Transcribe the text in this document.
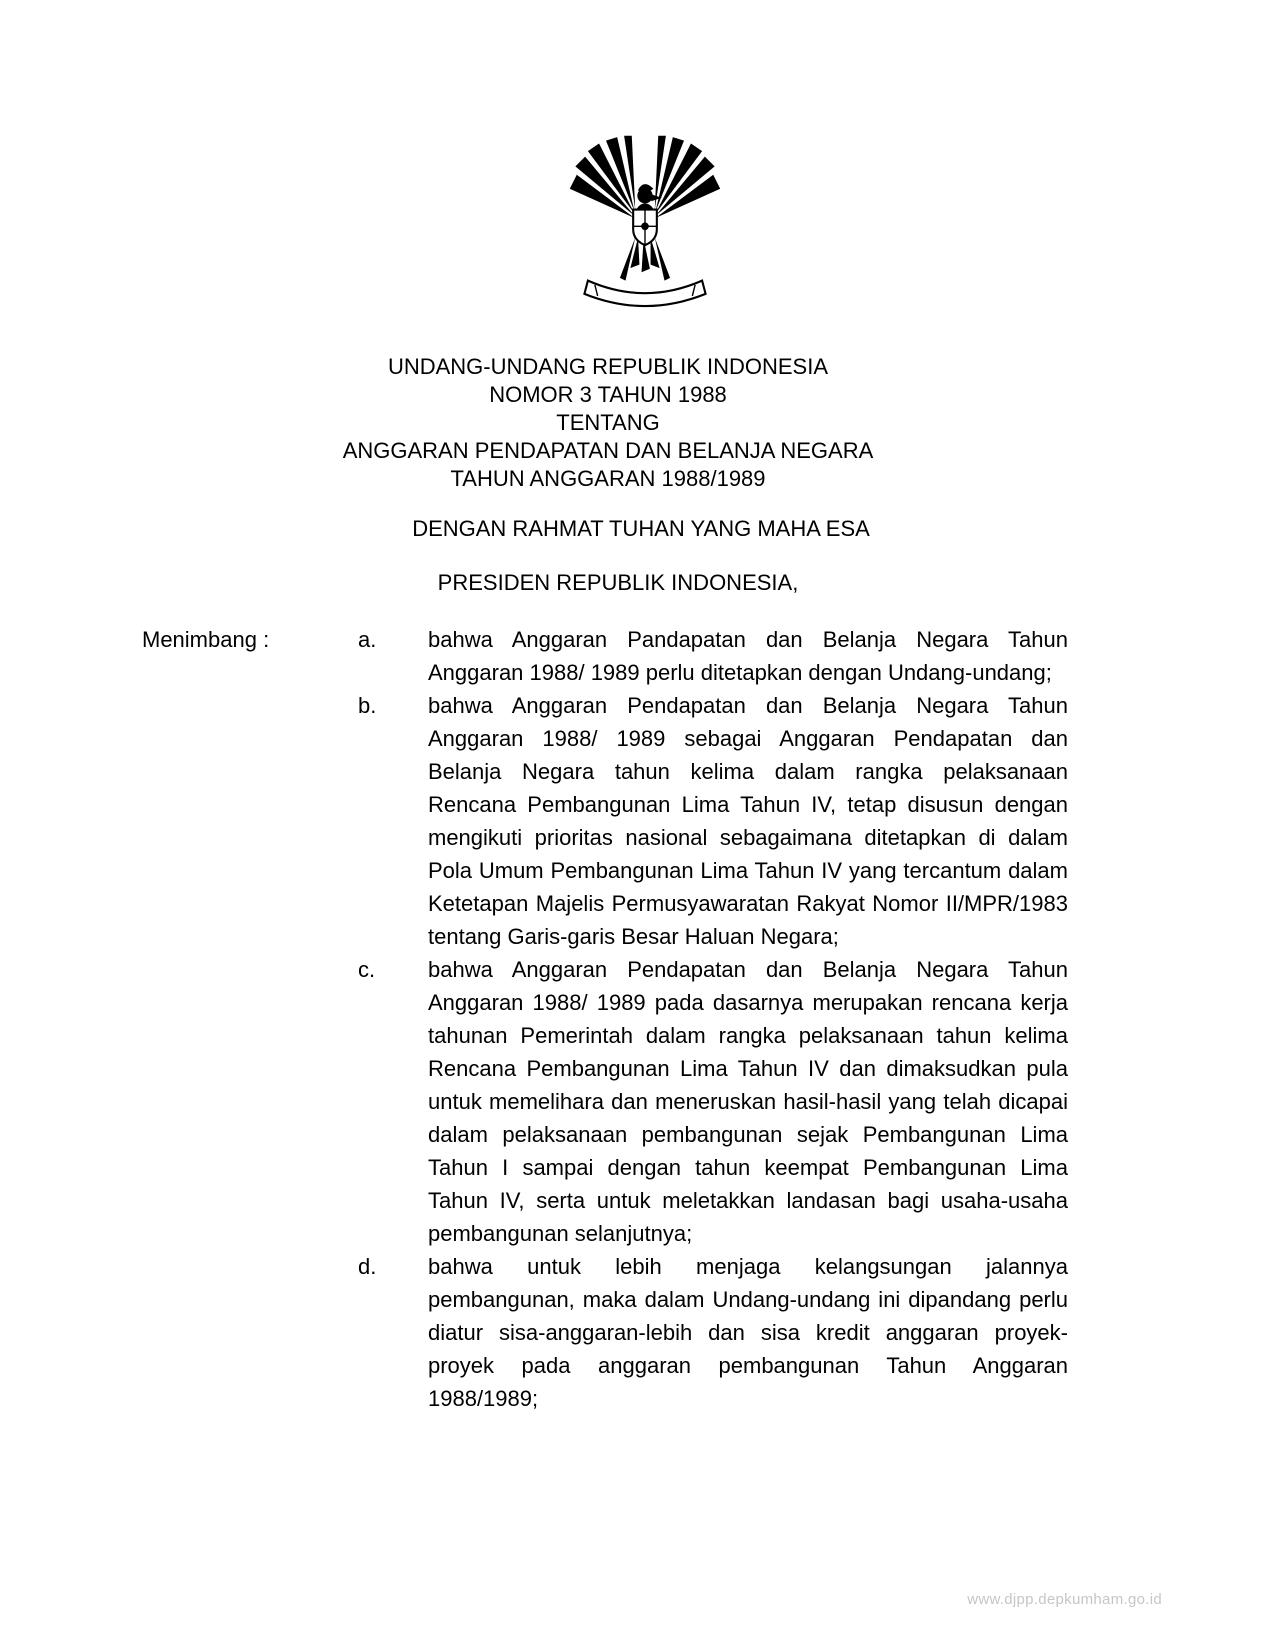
UNDANG-UNDANG REPUBLIK INDONESIA
NOMOR 3 TAHUN 1988
TENTANG
ANGGARAN PENDAPATAN DAN BELANJA NEGARA
TAHUN ANGGARAN 1988/1989
DENGAN RAHMAT TUHAN YANG MAHA ESA
PRESIDEN REPUBLIK INDONESIA,
Menimbang :	a.	bahwa Anggaran Pandapatan dan Belanja Negara Tahun Anggaran 1988/ 1989 perlu ditetapkan dengan Undang-undang;
b.	bahwa Anggaran Pendapatan dan Belanja Negara Tahun Anggaran 1988/ 1989 sebagai Anggaran Pendapatan dan Belanja Negara tahun kelima dalam rangka pelaksanaan Rencana Pembangunan Lima Tahun IV, tetap disusun dengan mengikuti prioritas nasional sebagaimana ditetapkan di dalam Pola Umum Pembangunan Lima Tahun IV yang tercantum dalam Ketetapan Majelis Permusyawaratan Rakyat Nomor II/MPR/1983 tentang Garis-garis Besar Haluan Negara;
c.	bahwa Anggaran Pendapatan dan Belanja Negara Tahun Anggaran 1988/ 1989 pada dasarnya merupakan rencana kerja tahunan Pemerintah dalam rangka pelaksanaan tahun kelima Rencana Pembangunan Lima Tahun IV dan dimaksudkan pula untuk memelihara dan meneruskan hasil-hasil yang telah dicapai dalam pelaksanaan pembangunan sejak Pembangunan Lima Tahun I sampai dengan tahun keempat Pembangunan Lima Tahun IV, serta untuk meletakkan landasan bagi usaha-usaha pembangunan selanjutnya;
d.	bahwa untuk lebih menjaga kelangsungan jalannya pembangunan, maka dalam Undang-undang ini dipandang perlu diatur sisa-anggaran-lebih dan sisa kredit anggaran proyek-proyek pada anggaran pembangunan Tahun Anggaran 1988/1989;
www.djpp.depkumham.go.id
